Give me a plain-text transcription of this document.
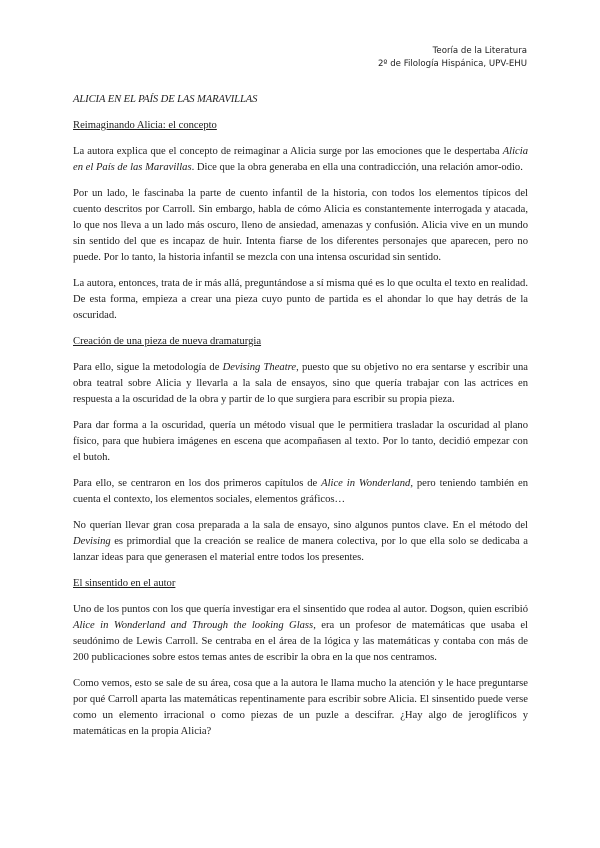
Teoría de la Literatura
2º de Filología Hispánica, UPV-EHU
ALICIA EN EL PAÍS DE LAS MARAVILLAS
Reimaginando Alicia: el concepto

La autora explica que el concepto de reimaginar a Alicia surge por las emociones que le despertaba Alicia en el País de las Maravillas. Dice que la obra generaba en ella una contradicción, una relación amor-odio.

Por un lado, le fascinaba la parte de cuento infantil de la historia, con todos los elementos típicos del cuento descritos por Carroll. Sin embargo, habla de cómo Alicia es constantemente interrogada y atacada, lo que nos lleva a un lado más oscuro, lleno de ansiedad, amenazas y confusión. Alicia vive en un mundo sin sentido del que es incapaz de huir. Intenta fiarse de los diferentes personajes que aparecen, pero no puede. Por lo tanto, la historia infantil se mezcla con una intensa oscuridad sin sentido.

La autora, entonces, trata de ir más allá, preguntándose a sí misma qué es lo que oculta el texto en realidad. De esta forma, empieza a crear una pieza cuyo punto de partida es el ahondar lo que hay detrás de la oscuridad.

Creación de una pieza de nueva dramaturgia

Para ello, sigue la metodología de Devising Theatre, puesto que su objetivo no era sentarse y escribir una obra teatral sobre Alicia y llevarla a la sala de ensayos, sino que quería trabajar con las actrices en respuesta a la oscuridad de la obra y partir de lo que surgiera para escribir su propia pieza.

Para dar forma a la oscuridad, quería un método visual que le permitiera trasladar la oscuridad al plano físico, para que hubiera imágenes en escena que acompañasen al texto. Por lo tanto, decidió empezar con el butoh.

Para ello, se centraron en los dos primeros capítulos de Alice in Wonderland, pero teniendo también en cuenta el contexto, los elementos sociales, elementos gráficos…

No querían llevar gran cosa preparada a la sala de ensayo, sino algunos puntos clave. En el método del Devising es primordial que la creación se realice de manera colectiva, por lo que ella solo se dedicaba a lanzar ideas para que generasen el material entre todos los presentes.

El sinsentido en el autor

Uno de los puntos con los que quería investigar era el sinsentido que rodea al autor. Dogson, quien escribió Alice in Wonderland and Through the looking Glass, era un profesor de matemáticas que usaba el seudónimo de Lewis Carroll. Se centraba en el área de la lógica y las matemáticas y contaba con más de 200 publicaciones sobre estos temas antes de escribir la obra en la que nos centramos.

Como vemos, esto se sale de su área, cosa que a la autora le llama mucho la atención y le hace preguntarse por qué Carroll aparta las matemáticas repentinamente para escribir sobre Alicia. El sinsentido puede verse como un elemento irracional o como piezas de un puzle a descifrar. ¿Hay algo de jeroglíficos y matemáticas en la propia Alicia?
